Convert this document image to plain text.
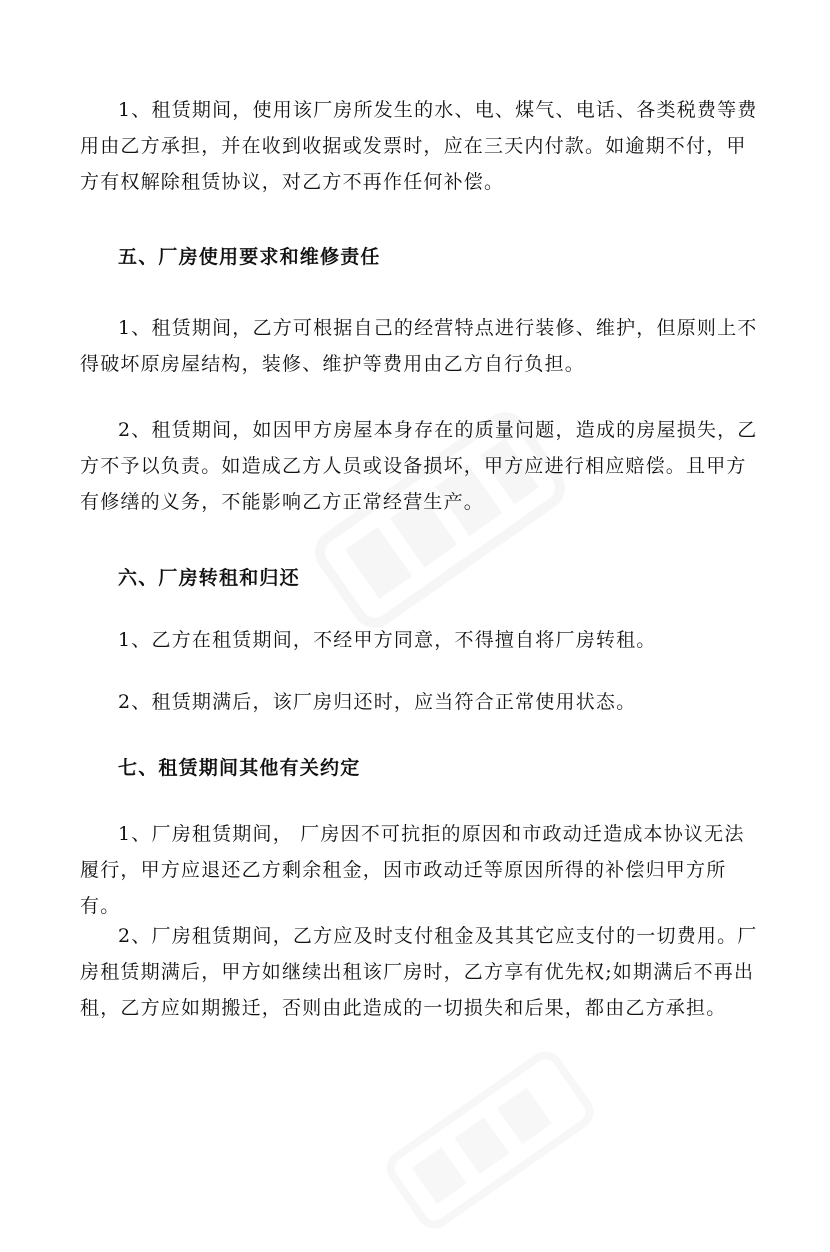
1、租赁期间，使用该厂房所发生的水、电、煤气、电话、各类税费等费用由乙方承担，并在收到收据或发票时，应在三天内付款。如逾期不付，甲方有权解除租赁协议，对乙方不再作任何补偿。

五、厂房使用要求和维修责任

1、租赁期间，乙方可根据自己的经营特点进行装修、维护，但原则上不得破坏原房屋结构，装修、维护等费用由乙方自行负担。

2、租赁期间，如因甲方房屋本身存在的质量问题，造成的房屋损失，乙方不予以负责。如造成乙方人员或设备损坏，甲方应进行相应赔偿。且甲方有修缮的义务，不能影响乙方正常经营生产。

六、厂房转租和归还

1、乙方在租赁期间，不经甲方同意，不得擅自将厂房转租。

2、租赁期满后，该厂房归还时，应当符合正常使用状态。

七、租赁期间其他有关约定

1、厂房租赁期间， 厂房因不可抗拒的原因和市政动迁造成本协议无法履行，甲方应退还乙方剩余租金，因市政动迁等原因所得的补偿归甲方所有。

2、厂房租赁期间，乙方应及时支付租金及其其它应支付的一切费用。厂房租赁期满后，甲方如继续出租该厂房时，乙方享有优先权;如期满后不再出租，乙方应如期搬迁，否则由此造成的一切损失和后果，都由乙方承担。
